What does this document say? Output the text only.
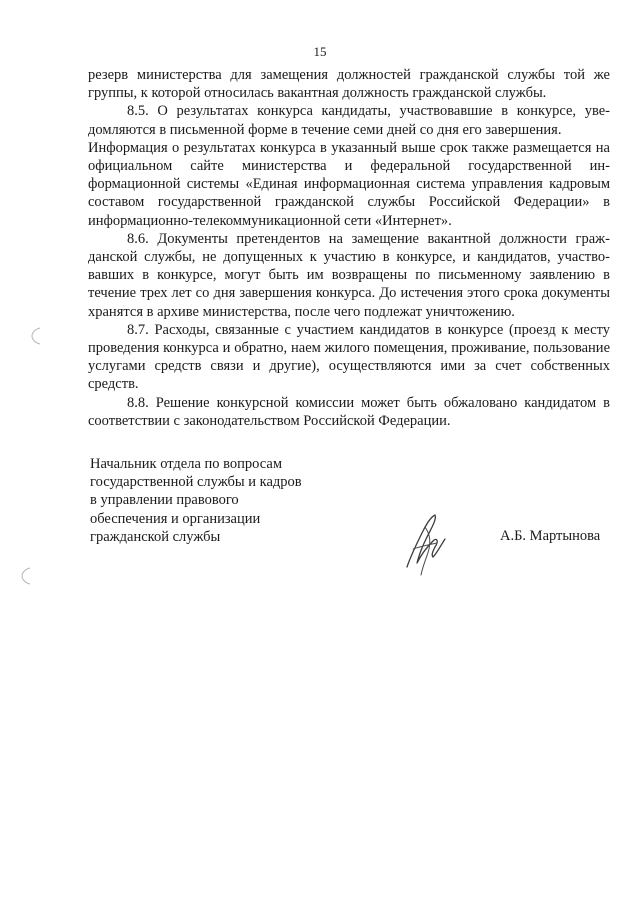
15

резерв министерства для замещения должностей гражданской службы той же группы, к которой относилась вакантная должность гражданской службы.

8.5. О результатах конкурса кандидаты, участвовавшие в конкурсе, уведомляются в письменной форме в течение семи дней со дня его завершения.

Информация о результатах конкурса в указанный выше срок также размещается на официальном сайте министерства и федеральной государственной информационной системы «Единая информационная система управления кадровым составом государственной гражданской службы Российской Федерации» в информационно-телекоммуникационной сети «Интернет».

8.6. Документы претендентов на замещение вакантной должности гражданской службы, не допущенных к участию в конкурсе, и кандидатов, участвовавших в конкурсе, могут быть им возвращены по письменному заявлению в течение трех лет со дня завершения конкурса. До истечения этого срока документы хранятся в архиве министерства, после чего подлежат уничтожению.

8.7. Расходы, связанные с участием кандидатов в конкурсе (проезд к месту проведения конкурса и обратно, наем жилого помещения, проживание, пользование услугами средств связи и другие), осуществляются ими за счет собственных средств.

8.8. Решение конкурсной комиссии может быть обжаловано кандидатом в соответствии с законодательством Российской Федерации.

Начальник отдела по вопросам
государственной службы и кадров
в управлении правового
обеспечения и организации
гражданской службы	А.Б. Мартынова
